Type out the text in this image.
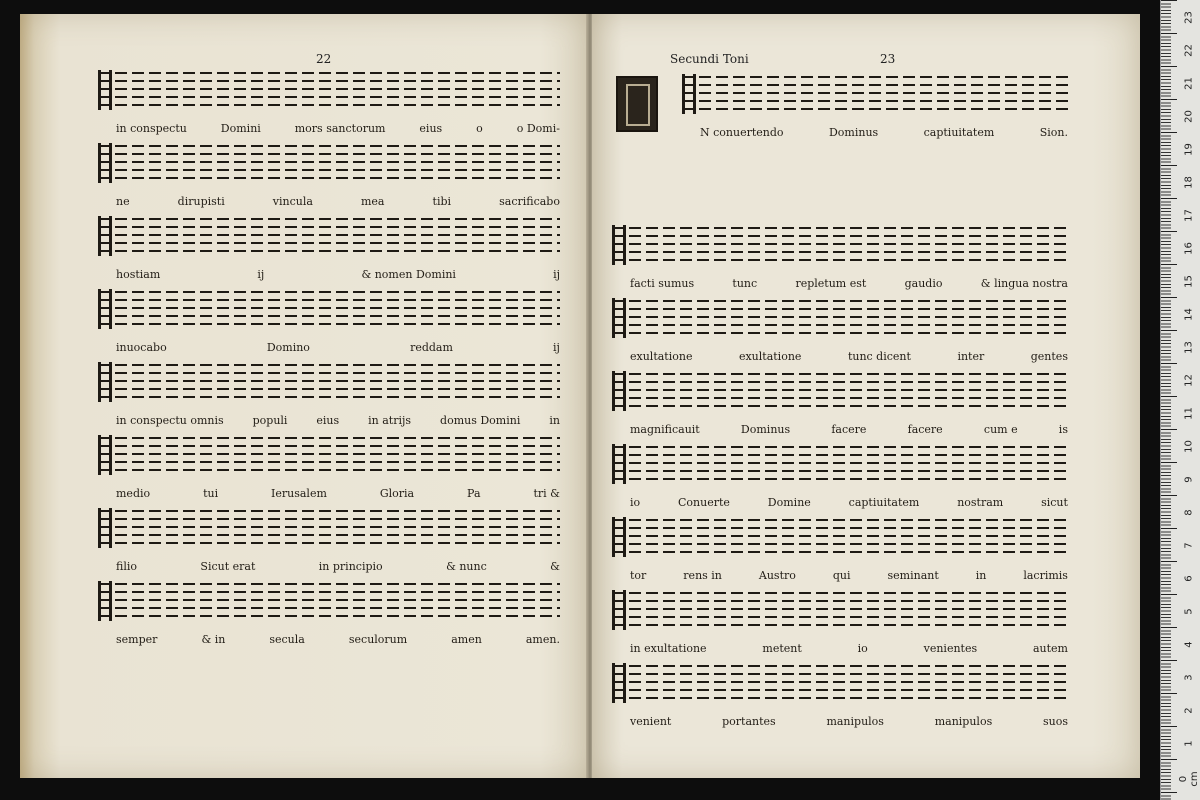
22
in conspectu	Domini	mors sanctorum	eius	o	o Domi-
ne	dirupisti	vincula	mea	tibi	sacrificabo
hostiam	ij	& nomen Domini	ij
inuocabo	Domino	reddam	ij
in conspectu omnis	populi	eius	in atrijs	domus Domini	in
medio	tui	Ierusalem	Gloria	Pa	tri &
filio	Sicut erat	in principio	& nunc	&
semper	& in	secula	seculorum	amen	amen.
Secundi Toni	23
N conuertendo	Dominus	captiuitatem	Sion.
facti sumus	tunc	repletum est	gaudio	& lingua nostra
exultatione	exultatione	tunc dicent	inter	gentes
magnificauit	Dominus	facere	facere	cum e	is
io	Conuerte	Domine	captiuitatem	nostram	sicut
tor	rens in	Austro	qui	seminant	in	lacrimis
in exultatione	metent	io	venientes	autem
venient	portantes	manipulos	manipulos	suos
1
2
3
4
5
6
7
8
9
10
11
12
13
14
15
16
17
18
19
20
21
22
23
0 cm
